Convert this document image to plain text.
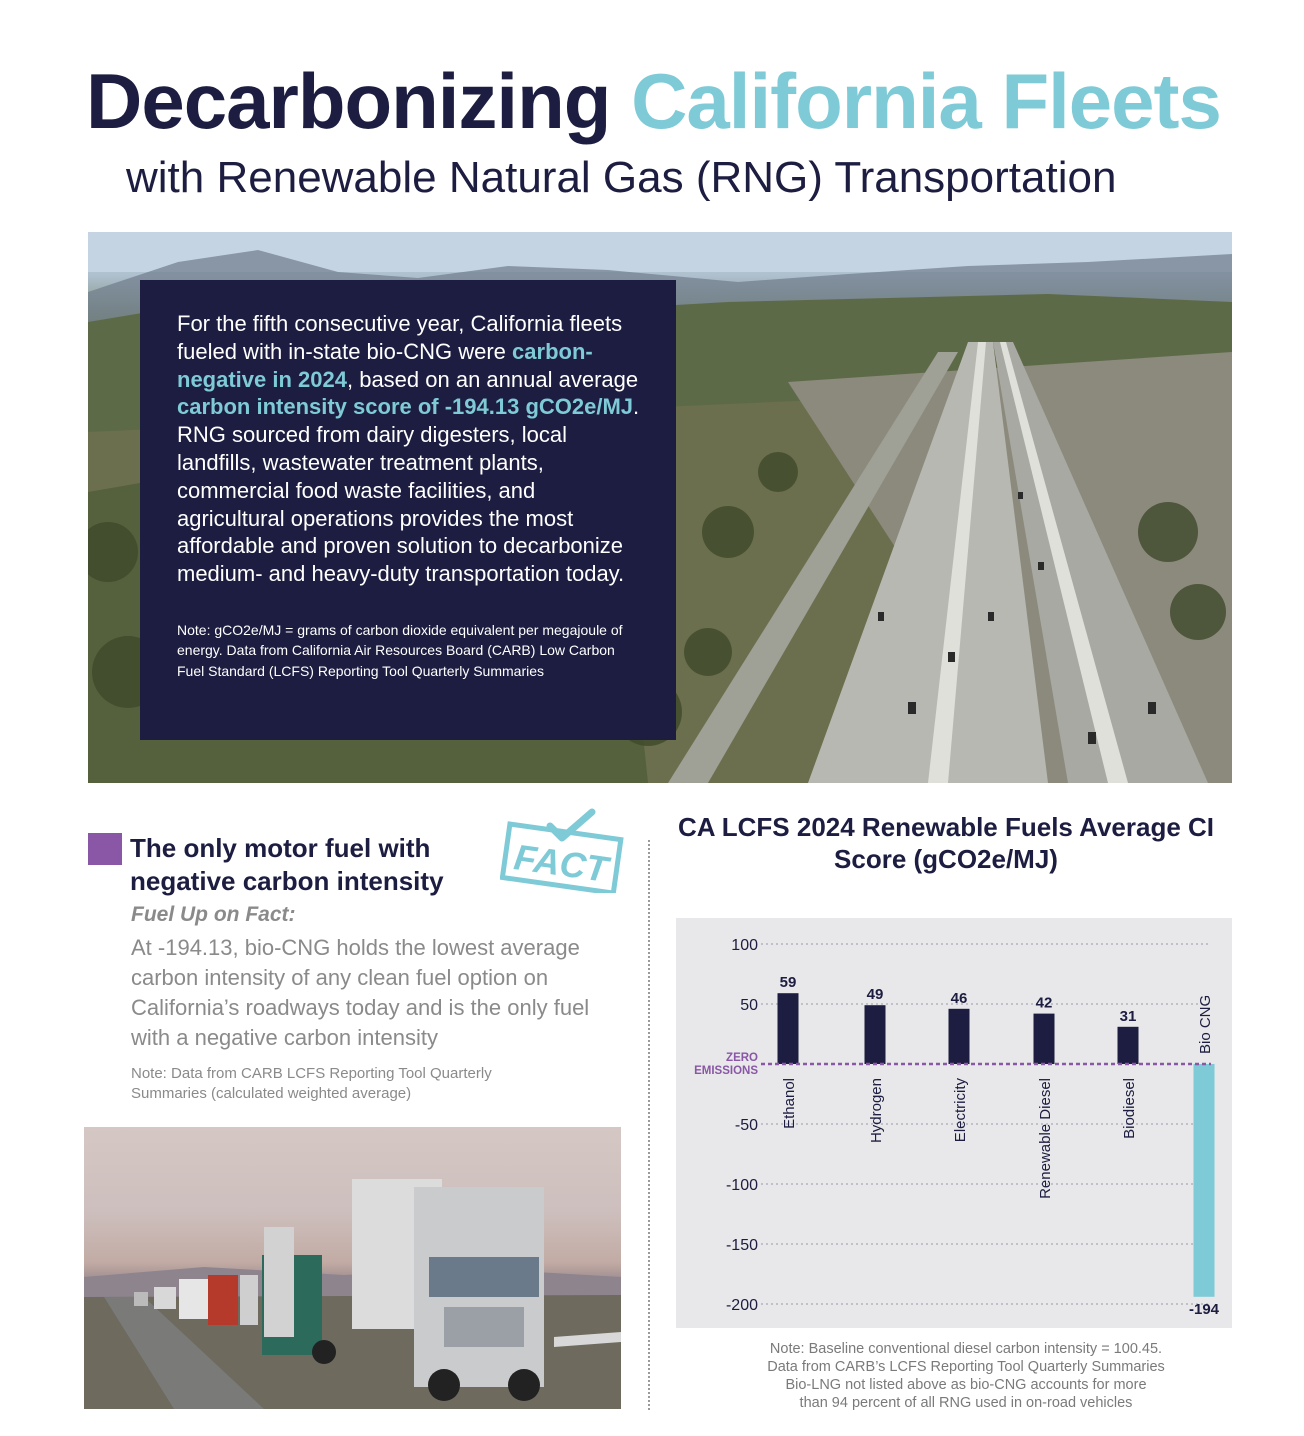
Decarbonizing California Fleets
with Renewable Natural Gas (RNG) Transportation
For the fifth consecutive year, California fleets fueled with in-state bio-CNG were carbon-negative in 2024, based on an annual average carbon intensity score of -194.13 gCO2e/MJ. RNG sourced from dairy digesters, local landfills, wastewater treatment plants, commercial food waste facilities, and agricultural operations provides the most affordable and proven solution to decarbonize medium- and heavy-duty transportation today.
Note: gCO2e/MJ = grams of carbon dioxide equivalent per megajoule of energy. Data from California Air Resources Board (CARB) Low Carbon Fuel Standard (LCFS) Reporting Tool Quarterly Summaries
The only motor fuel with negative carbon intensity	FACT
Fuel Up on Fact:
At -194.13, bio-CNG holds the lowest average carbon intensity of any clean fuel option on California’s roadways today and is the only fuel with a negative carbon intensity
Note: Data from CARB LCFS Reporting Tool Quarterly Summaries (calculated weighted average)
CA LCFS 2024 Renewable Fuels Average CI Score (gCO2e/MJ)
100
50
-50
-100
-150
-200
59
Ethanol
49
Hydrogen
46
Electricity
42
Renewable Diesel
31
Biodiesel
-194
Bio CNG
ZERO
EMISSIONS
Note: Baseline conventional diesel carbon intensity = 100.45.
Data from CARB’s LCFS Reporting Tool Quarterly Summaries
Bio-LNG not listed above as bio-CNG accounts for more
than 94 percent of all RNG used in on-road vehicles
